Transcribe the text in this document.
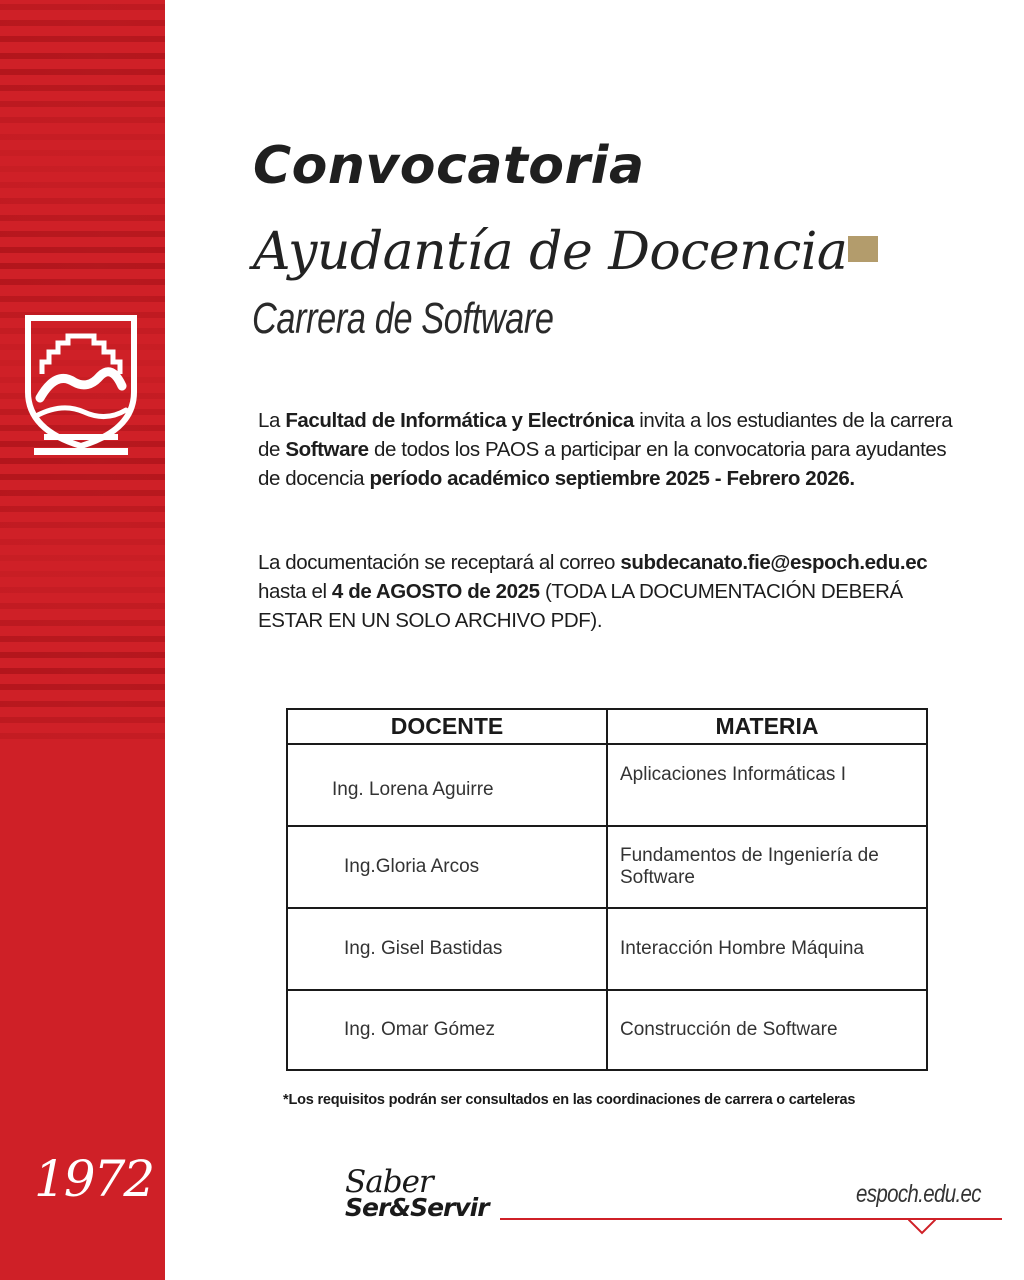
1972
Convocatoria
Ayudantía de Docencia
Carrera de Software
La Facultad de Informática y Electrónica invita a los estudiantes de la carrera de Software de todos los PAOS a participar en la convocatoria para ayudantes de docencia período académico septiembre 2025 - Febrero 2026.
La documentación se receptará al correo subdecanato.fie@espoch.edu.ec hasta el 4 de AGOSTO de 2025 (TODA LA DOCUMENTACIÓN DEBERÁ ESTAR EN UN SOLO ARCHIVO PDF).
DOCENTE	MATERIA
Ing. Lorena Aguirre	Aplicaciones Informáticas I
Ing.Gloria Arcos	Fundamentos de Ingeniería de Software
Ing. Gisel Bastidas	Interacción Hombre Máquina
Ing. Omar Gómez	Construcción de Software
*Los requisitos podrán ser consultados en las coordinaciones de carrera o carteleras
Saber
Ser&Servir	espoch.edu.ec
